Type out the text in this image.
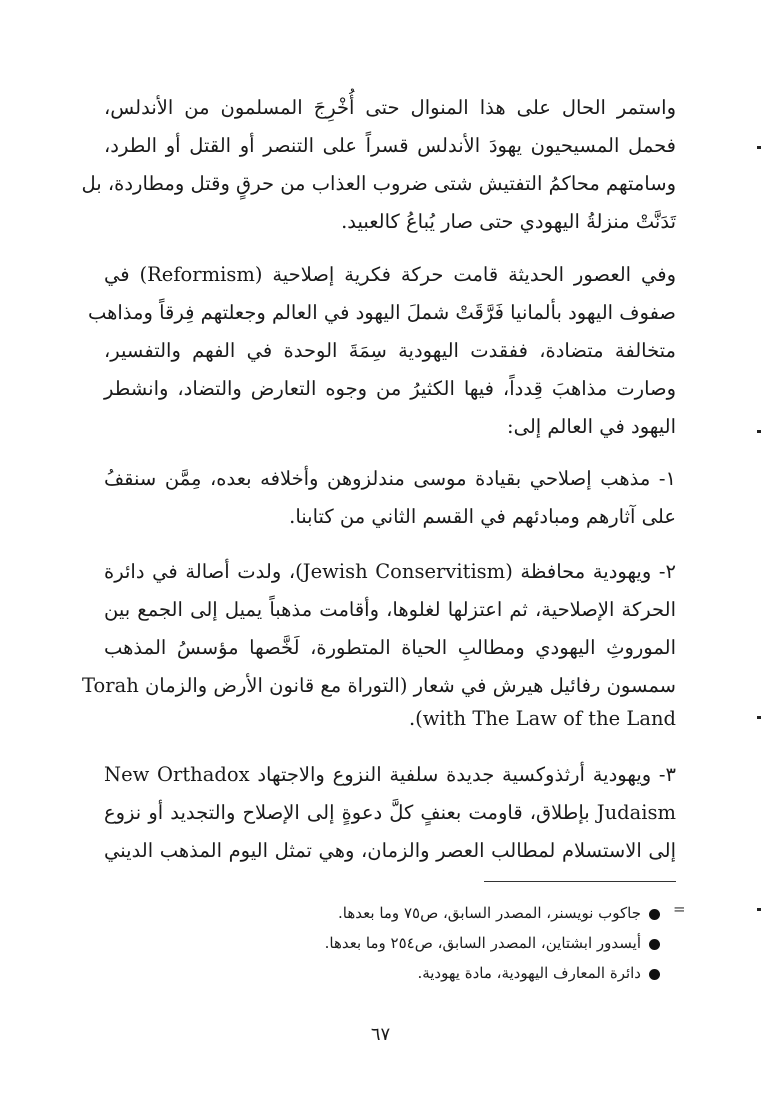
واستمر الحال على هذا المنوال حتى أُخْرِجَ المسلمون من الأندلس،
فحمل المسيحيون يهودَ الأندلس قسراً على التنصر أو القتل أو الطرد،
وسامتهم محاكمُ التفتيش شتى ضروب العذاب من حرقٍ وقتل ومطاردة، بل
تَدَنَّتْ منزلةُ اليهودي حتى صار يُباعُ كالعبيد.
وفي العصور الحديثة قامت حركة فكرية إصلاحية (Reformism) في
صفوف اليهود بألمانيا فَرَّقَتْ شملَ اليهود في العالم وجعلتهم فِرقاً ومذاهب
متخالفة متضادة، ففقدت اليهودية سِمَةَ الوحدة في الفهم والتفسير،
وصارت مذاهبَ قِدداً، فيها الكثيرُ من وجوه التعارض والتضاد، وانشطر
اليهود في العالم إلى:
١- مذهب إصلاحي بقيادة موسى مندلزوهن وأخلافه بعده، مِمَّن سنقفُ
على آثارهم ومبادئهم في القسم الثاني من كتابنا.
٢- ويهودية محافظة (Jewish Conservitism)، ولدت أصالة في دائرة
الحركة الإصلاحية، ثم اعتزلها لغلوها، وأقامت مذهباً يميل إلى الجمع بين
الموروثِ اليهودي ومطالبِ الحياة المتطورة، لَخَّصها مؤسسُ المذهب
سمسون رفائيل هيرش في شعار (التوراة مع قانون الأرض والزمان Torah
with The Law of the Land).
٣- ويهودية أرثذوكسية جديدة سلفية النزوع والاجتهاد New Orthadox
Judaism بإطلاق، قاومت بعنفٍ كلَّ دعوةٍ إلى الإصلاح والتجديد أو نزوع
إلى الاستسلام لمطالب العصر والزمان، وهي تمثل اليوم المذهب الديني
=
جاكوب نويسنر، المصدر السابق، ص٧٥ وما بعدها.
أيسدور ابشتاين، المصدر السابق، ص٢٥٤ وما بعدها.
دائرة المعارف اليهودية، مادة يهودية.
٦٧
